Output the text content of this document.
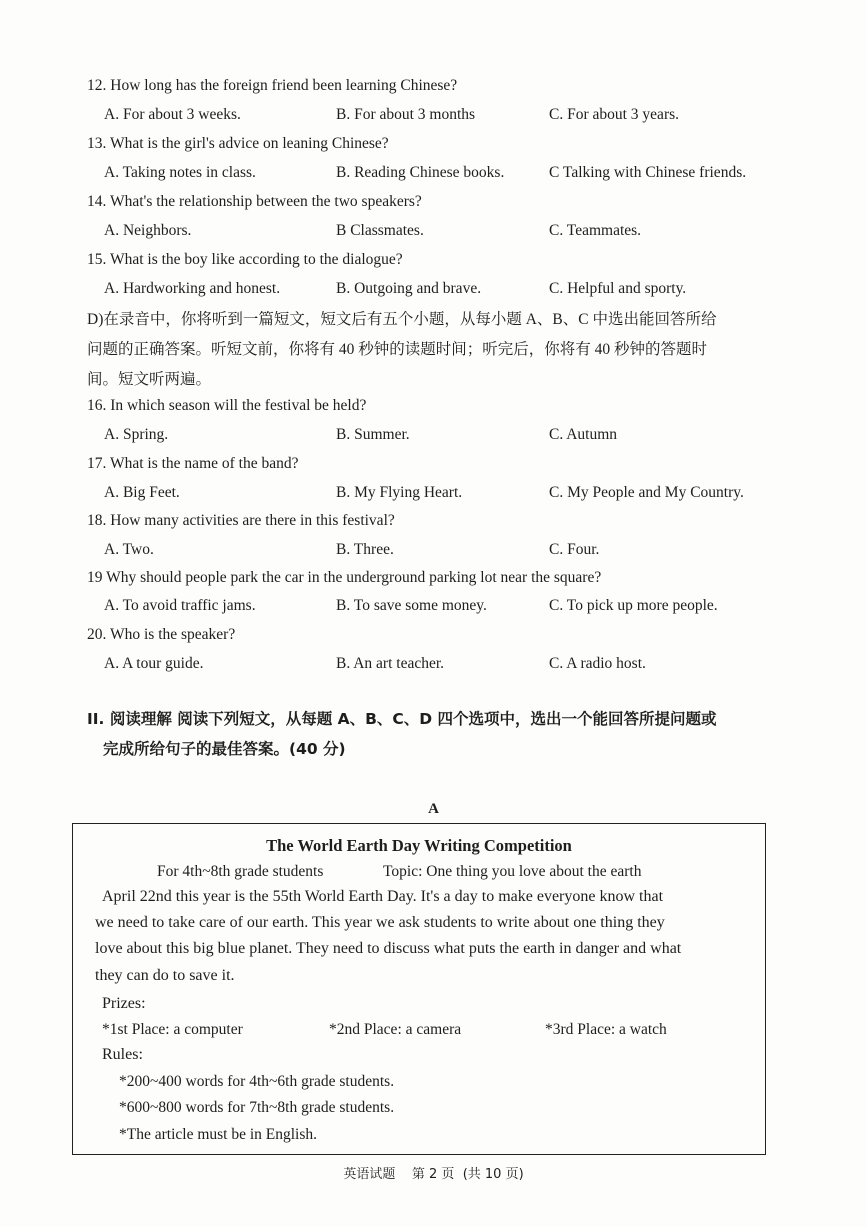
12. How long has the foreign friend been learning Chinese?
A. For about 3 weeks.	B. For about 3 months	C. For about 3 years.
13. What is the girl's advice on leaning Chinese?
A. Taking notes in class.	B. Reading Chinese books.	C Talking with Chinese friends.
14. What's the relationship between the two speakers?
A. Neighbors.	B Classmates.	C. Teammates.
15. What is the boy like according to the dialogue?
A. Hardworking and honest.	B. Outgoing and brave.	C. Helpful and sporty.
D)在录音中，你将听到一篇短文，短文后有五个小题，从每小题 A、B、C 中选出能回答所给
问题的正确答案。听短文前，你将有 40 秒钟的读题时间；听完后，你将有 40 秒钟的答题时
间。短文听两遍。
16. In which season will the festival be held?
A. Spring.	B. Summer.	C. Autumn
17. What is the name of the band?
A. Big Feet.	B. My Flying Heart.	C. My People and My Country.
18. How many activities are there in this festival?
A. Two.	B. Three.	C. Four.
19 Why should people park the car in the underground parking lot near the square?
A. To avoid traffic jams.	B. To save some money.	C. To pick up more people.
20. Who is the speaker?
A. A tour guide.	B. An art teacher.	C. A radio host.
II. 阅读理解 阅读下列短文，从每题 A、B、C、D 四个选项中，选出一个能回答所提问题或
完成所给句子的最佳答案。(40 分)
A
The World Earth Day Writing Competition
For 4th~8th grade students	Topic: One thing you love about the earth
April 22nd this year is the 55th World Earth Day. It's a day to make everyone know that
we need to take care of our earth. This year we ask students to write about one thing they
love about this big blue planet. They need to discuss what puts the earth in danger and what
they can do to save it.
Prizes:
*1st Place: a computer	*2nd Place: a camera	*3rd Place: a watch
Rules:
*200~400 words for 4th~6th grade students.
*600~800 words for 7th~8th grade students.
*The article must be in English.
英语试题    第 2 页  (共 10 页)
